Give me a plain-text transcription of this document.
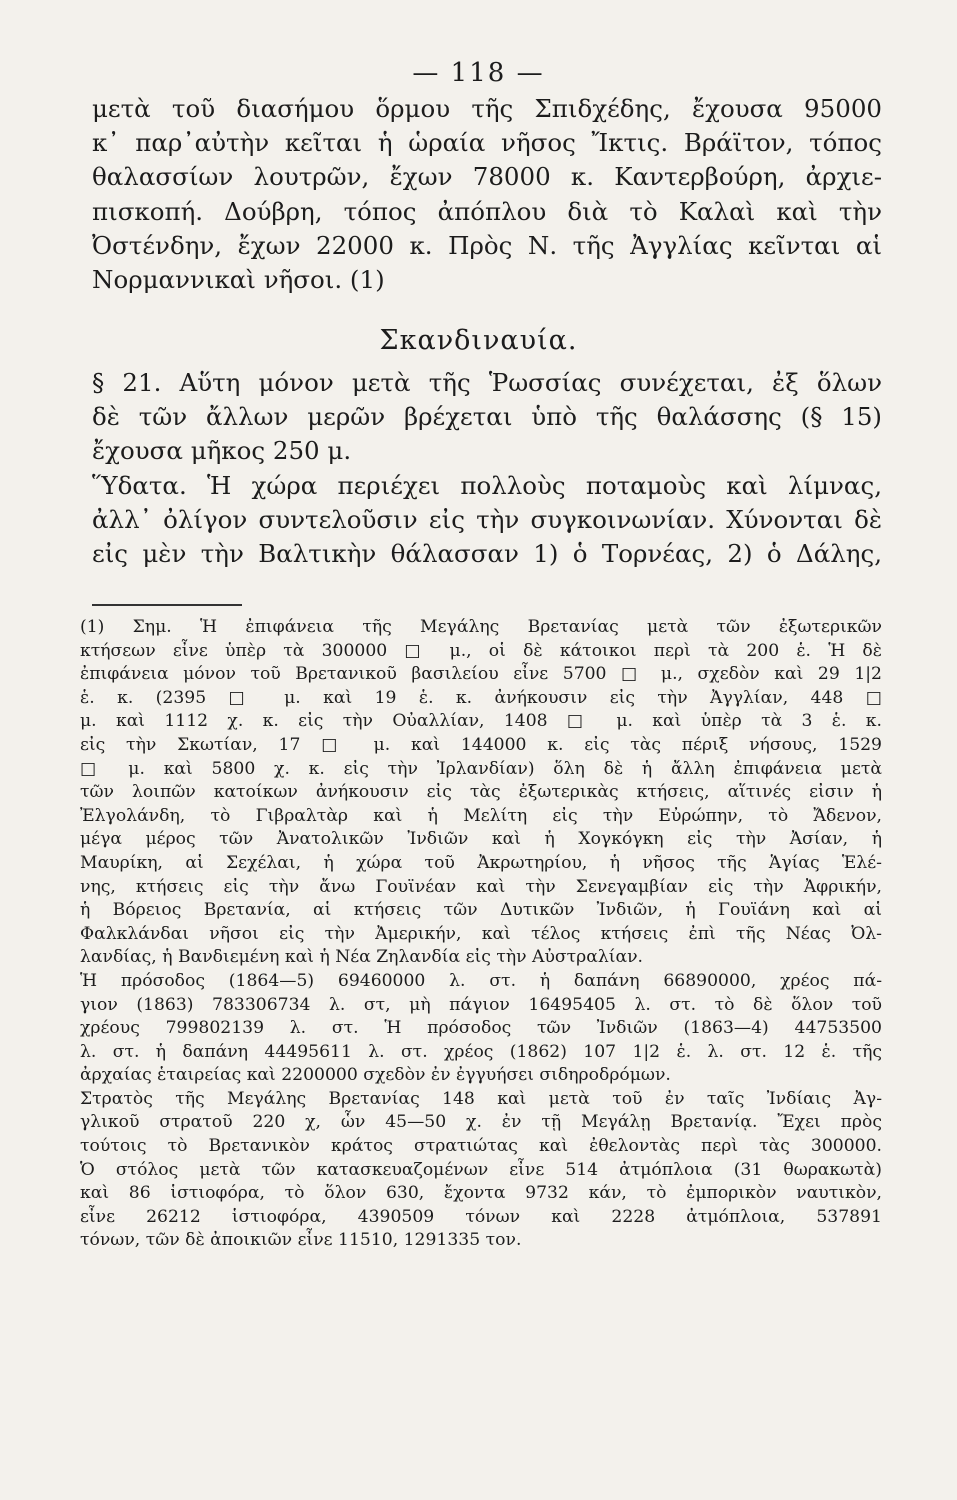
— 118 —
μετὰ τοῦ διασήμου ὅρμου τῆς Σπιδχέδης, ἔχουσα 95000
κ᾽ παρ᾽αὐτὴν κεῖται ἡ ὡραία νῆσος Ἴκτις. Βράϊτον, τόπος
θαλασσίων λουτρῶν, ἔχων 78000 κ. Καντερβούρη, ἀρχιε-
πισκοπή. Δούβρη, τόπος ἀπόπλου διὰ τὸ Καλαὶ καὶ τὴν
Ὀστένδην, ἔχων 22000 κ. Πρὸς Ν. τῆς Ἀγγλίας κεῖνται αἱ
Νορμαννικαὶ νῆσοι. (1)
Σκανδιναυία.
§ 21. Αὕτη μόνον μετὰ τῆς Ῥωσσίας συνέχεται, ἐξ ὅλων
δὲ τῶν ἄλλων μερῶν βρέχεται ὑπὸ τῆς θαλάσσης (§ 15)
ἔχουσα μῆκος 250 μ.
Ὕδατα. Ἡ χώρα περιέχει πολλοὺς ποταμοὺς καὶ λίμνας,
ἀλλ᾽ ὀλίγον συντελοῦσιν εἰς τὴν συγκοινωνίαν. Χύνονται δὲ
εἰς μὲν τὴν Βαλτικὴν θάλασσαν 1) ὁ Τορνέας, 2) ὁ Δάλης,
(1) Σημ. Ἡ ἐπιφάνεια τῆς Μεγάλης Βρετανίας μετὰ τῶν ἐξωτερικῶν
κτήσεων εἶνε ὑπὲρ τὰ 300000 □ μ., οἱ δὲ κάτοικοι περὶ τὰ 200 ἑ. Ἡ δὲ
ἐπιφάνεια μόνον τοῦ Βρετανικοῦ βασιλείου εἶνε 5700 □ μ., σχεδὸν καὶ 29 1|2
ἑ. κ. (2395 □ μ. καὶ 19 ἑ. κ. ἀνήκουσιν εἰς τὴν Ἀγγλίαν, 448 □
μ. καὶ 1112 χ. κ. εἰς τὴν Οὐαλλίαν, 1408 □ μ. καὶ ὑπὲρ τὰ 3 ἑ. κ.
εἰς τὴν Σκωτίαν, 17 □ μ. καὶ 144000 κ. εἰς τὰς πέριξ νήσους, 1529
□ μ. καὶ 5800 χ. κ. εἰς τὴν Ἰρλανδίαν) ὅλη δὲ ἡ ἄλλη ἐπιφάνεια μετὰ
τῶν λοιπῶν κατοίκων ἀνήκουσιν εἰς τὰς ἐξωτερικὰς κτήσεις, αἵτινές εἰσιν ἡ
Ἐλγολάνδη, τὸ Γιβραλτὰρ καὶ ἡ Μελίτη εἰς τὴν Εὐρώπην, τὸ Ἄδενον,
μέγα μέρος τῶν Ἀνατολικῶν Ἰνδιῶν καὶ ἡ Χογκόγκη εἰς τὴν Ἀσίαν, ἡ
Μαυρίκη, αἱ Σεχέλαι, ἡ χώρα τοῦ Ἀκρωτηρίου, ἡ νῆσος τῆς Ἁγίας Ἑλέ-
νης, κτήσεις εἰς τὴν ἄνω Γουϊνέαν καὶ τὴν Σενεγαμβίαν εἰς τὴν Ἀφρικήν,
ἡ Βόρειος Βρετανία, αἱ κτήσεις τῶν Δυτικῶν Ἰνδιῶν, ἡ Γουϊάνη καὶ αἱ
Φαλκλάνδαι νῆσοι εἰς τὴν Ἀμερικήν, καὶ τέλος κτήσεις ἐπὶ τῆς Νέας Ὀλ-
λανδίας, ἡ Βανδιεμένη καὶ ἡ Νέα Ζηλανδία εἰς τὴν Αὐστραλίαν.
Ἡ πρόσοδος (1864—5) 69460000 λ. στ. ἡ δαπάνη 66890000, χρέος πά-
γιον (1863) 783306734 λ. στ, μὴ πάγιον 16495405 λ. στ. τὸ δὲ ὅλον τοῦ
χρέους 799802139 λ. στ. Ἡ πρόσοδος τῶν Ἰνδιῶν (1863—4) 44753500
λ. στ. ἡ δαπάνη 44495611 λ. στ. χρέος (1862) 107 1|2 ἑ. λ. στ. 12 ἑ. τῆς
ἀρχαίας ἑταιρείας καὶ 2200000 σχεδὸν ἐν ἐγγυήσει σιδηροδρόμων.
Στρατὸς τῆς Μεγάλης Βρετανίας 148 καὶ μετὰ τοῦ ἐν ταῖς Ἰνδίαις Ἀγ-
γλικοῦ στρατοῦ 220 χ, ὧν 45—50 χ. ἐν τῇ Μεγάλῃ Βρετανίᾳ. Ἔχει πρὸς
τούτοις τὸ Βρετανικὸν κράτος στρατιώτας καὶ ἐθελοντὰς περὶ τὰς 300000.
Ὁ στόλος μετὰ τῶν κατασκευαζομένων εἶνε 514 ἀτμόπλοια (31 θωρακωτὰ)
καὶ 86 ἱστιοφόρα, τὸ ὅλον 630, ἔχοντα 9732 κάν, τὸ ἐμπορικὸν ναυτικὸν,
εἶνε 26212 ἱστιοφόρα, 4390509 τόνων καὶ 2228 ἀτμόπλοια, 537891
τόνων, τῶν δὲ ἀποικιῶν εἶνε 11510, 1291335 τον.
